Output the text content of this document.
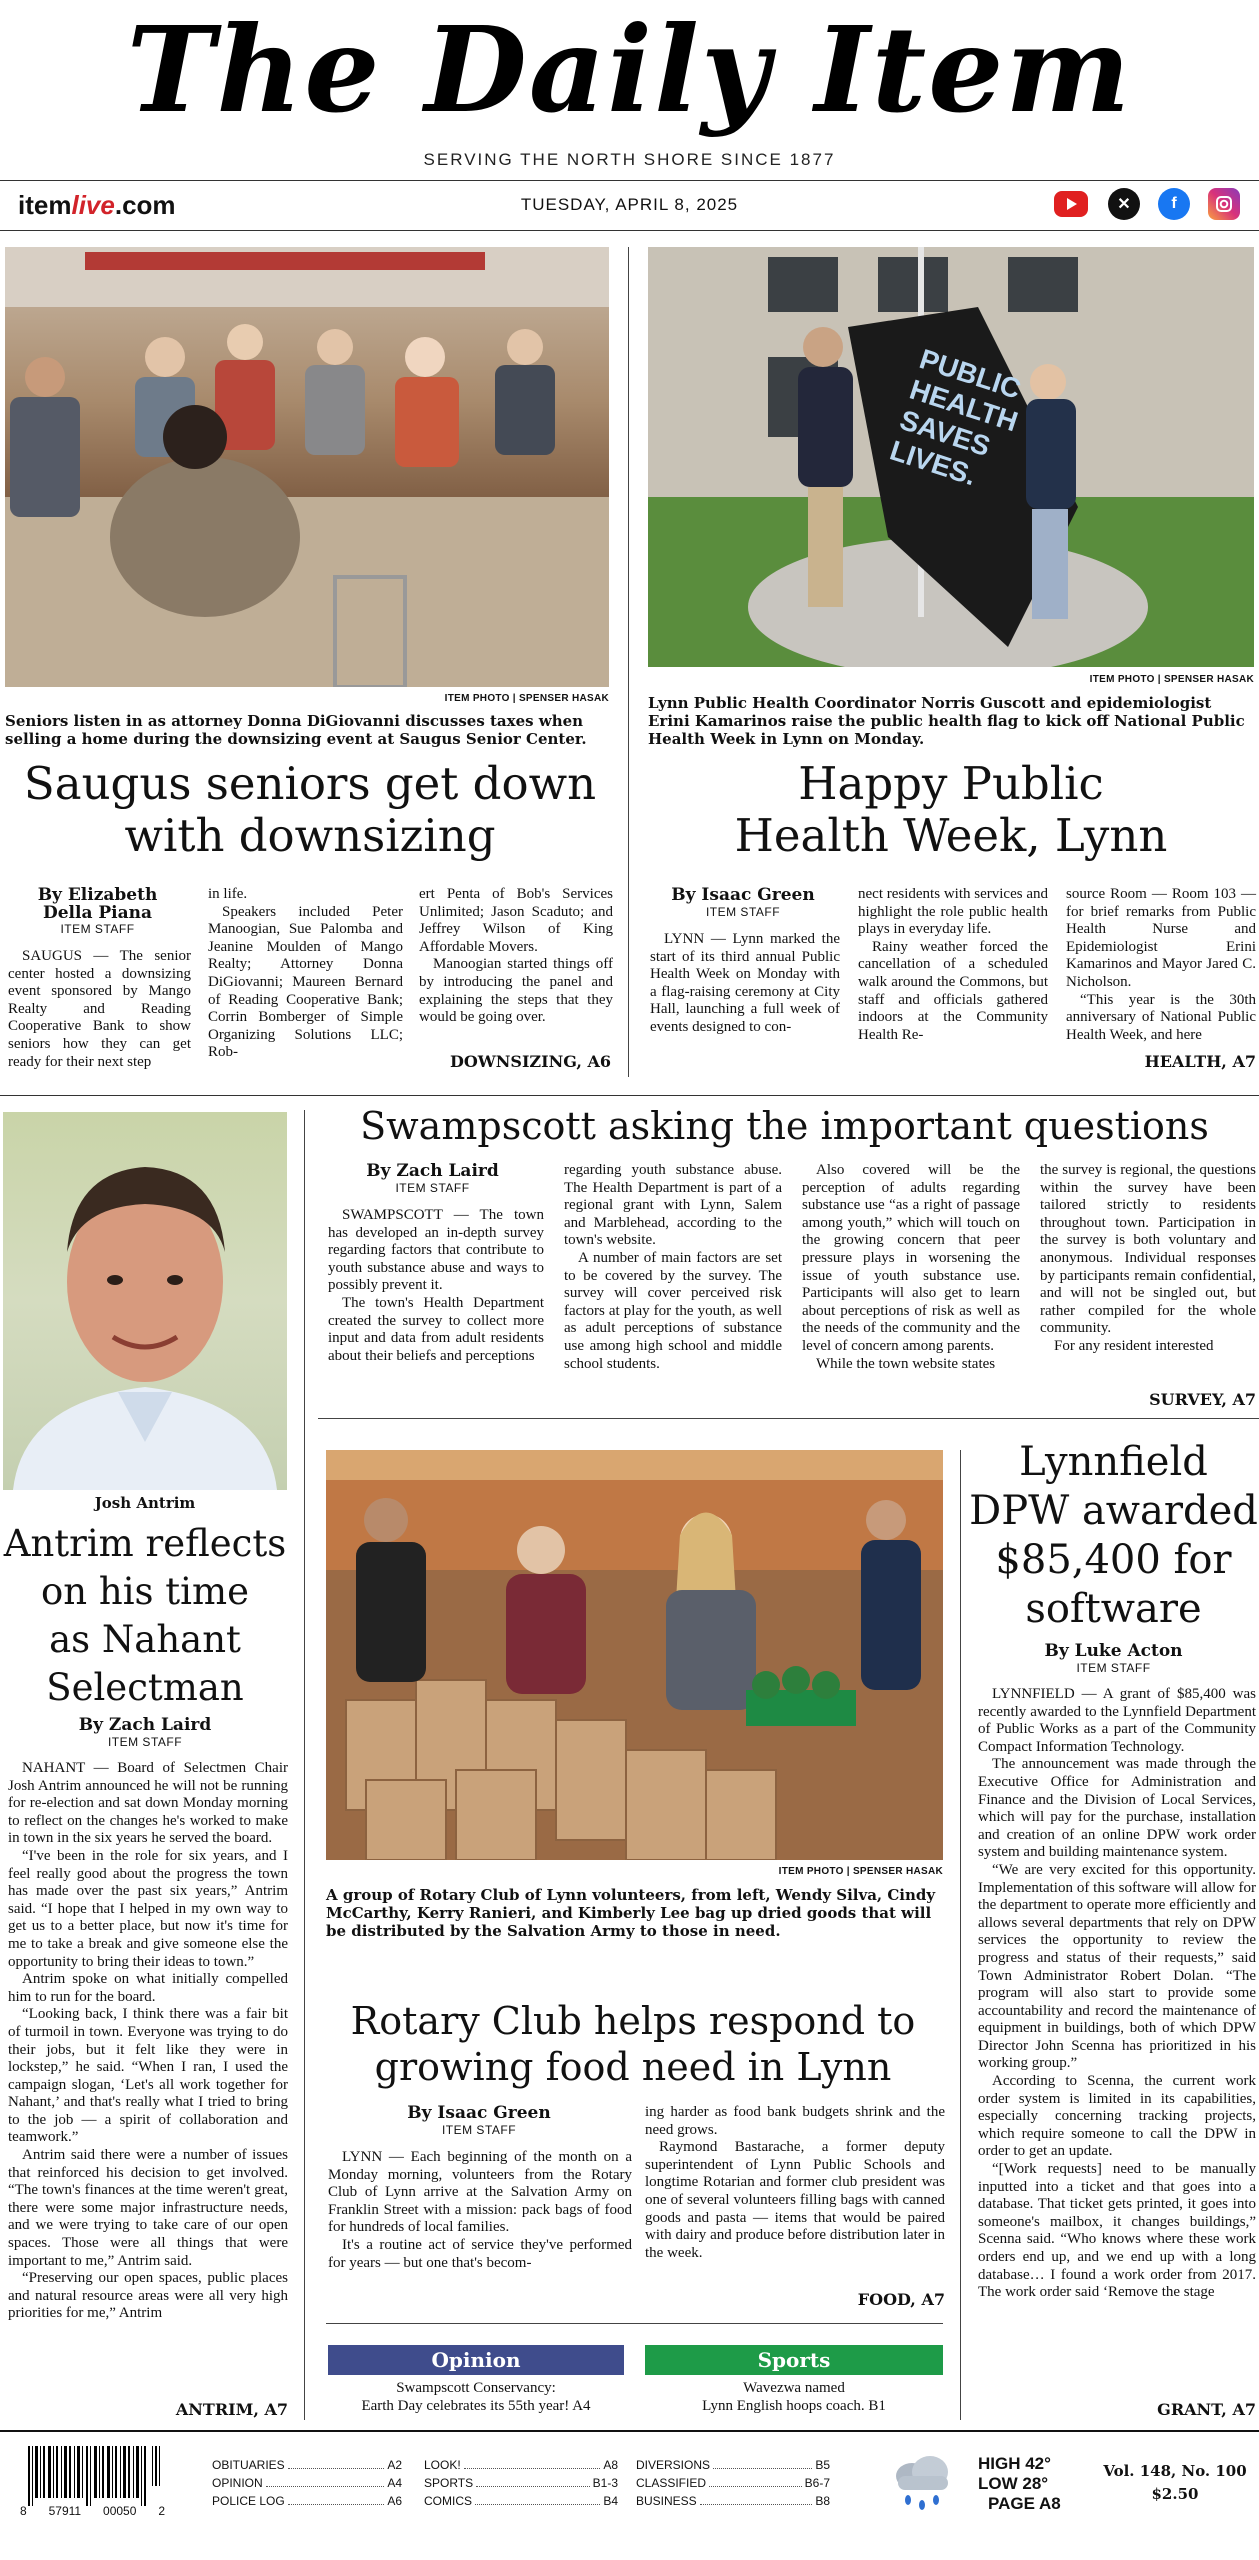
The Daily Item
SERVING THE NORTH SHORE SINCE 1877
itemlive.com	TUESDAY, APRIL 8, 2025	✕	f
ITEM PHOTO | SPENSER HASAK
Seniors listen in as attorney Donna DiGiovanni discusses taxes when selling a home during the downsizing event at Saugus Senior Center.
Saugus seniors get down
with downsizing
By Elizabeth
Della Piana
ITEM STAFF

SAUGUS — The senior center hosted a downsizing event sponsored by Mango Realty and Reading Cooperative Bank to show seniors how they can get ready for their next step

in life.

Speakers included Peter Manoogian, Sue Palomba and Jeanine Moulden of Mango Realty; Attorney Donna DiGiovanni; Maureen Bernard of Reading Cooperative Bank; Corrin Bomberger of Simple Organizing Solutions LLC; Rob-

ert Penta of Bob's Services Unlimited; Jason Scaduto; and Jeffrey Wilson of King Affordable Movers.

Manoogian started things off by introducing the panel and explaining the steps that they would be going over.

DOWNSIZING, A6
PUBLIC HEALTH SAVES LIVES.
ITEM PHOTO | SPENSER HASAK
Lynn Public Health Coordinator Norris Guscott and epidemiologist Erini Kamarinos raise the public health flag to kick off National Public Health Week in Lynn on Monday.
Happy Public
Health Week, Lynn
By Isaac Green
ITEM STAFF

LYNN — Lynn marked the start of its third annual Public Health Week on Monday with a flag-raising ceremony at City Hall, launching a full week of events designed to con-

nect residents with services and highlight the role public health plays in everyday life.

Rainy weather forced the cancellation of a scheduled walk around the Commons, but staff and officials gathered indoors at the Community Health Re-

source Room — Room 103 — for brief remarks from Public Health Nurse and Epidemiologist Erini Kamarinos and Mayor Jared C. Nicholson.

“This year is the 30th anniversary of National Public Health Week, and here

HEALTH, A7
Josh Antrim
Antrim reflects
on his time
as Nahant
Selectman
By Zach Laird
ITEM STAFF

NAHANT — Board of Selectmen Chair Josh Antrim announced he will not be running for re-election and sat down Monday morning to reflect on the changes he's worked to make in town in the six years he served the board.

“I've been in the role for six years, and I feel really good about the progress the town has made over the past six years,” Antrim said. “I hope that I helped in my own way to get us to a better place, but now it's time for me to take a break and give someone else the opportunity to bring their ideas to town.”

Antrim spoke on what initially compelled him to run for the board.

“Looking back, I think there was a fair bit of turmoil in town. Everyone was trying to do their jobs, but it felt like they were in lockstep,” he said. “When I ran, I used the campaign slogan, ‘Let's all work together for Nahant,’ and that's really what I tried to bring to the job — a spirit of collaboration and teamwork.”

Antrim said there were a number of issues that reinforced his decision to get involved. “The town's finances at the time weren't great, there were some major infrastructure needs, and we were trying to take care of our open spaces. Those were all things that were important to me,” Antrim said.

“Preserving our open spaces, public places and natural resource areas were all very high priorities for me,” Antrim

ANTRIM, A7
Swampscott asking the important questions
By Zach Laird
ITEM STAFF

SWAMPSCOTT — The town has developed an in-depth survey regarding factors that contribute to youth substance abuse and ways to possibly prevent it.

The town's Health Department created the survey to collect more input and data from adult residents about their beliefs and perceptions

regarding youth substance abuse. The Health Department is part of a regional grant with Lynn, Salem and Marblehead, according to the town's website.

A number of main factors are set to be covered by the survey. The survey will cover perceived risk factors at play for the youth, as well as adult perceptions of substance use among high school and middle school students.

Also covered will be the perception of adults regarding substance use “as a right of passage among youth,” which will touch on the growing concern that peer pressure plays in worsening the issue of youth substance use. Participants will also get to learn about perceptions of risk as well as the needs of the community and the level of concern among parents.

While the town website states

the survey is regional, the questions within the survey have been tailored strictly to residents throughout town. Participation in the survey is both voluntary and anonymous. Individual responses by participants remain confidential, and will not be singled out, but rather compiled for the whole community.

For any resident interested

SURVEY, A7
ITEM PHOTO | SPENSER HASAK
A group of Rotary Club of Lynn volunteers, from left, Wendy Silva, Cindy McCarthy, Kerry Ranieri, and Kimberly Lee bag up dried goods that will be distributed by the Salvation Army to those in need.
Rotary Club helps respond to
growing food need in Lynn
By Isaac Green
ITEM STAFF

LYNN — Each beginning of the month on a Monday morning, volunteers from the Rotary Club of Lynn arrive at the Salvation Army on Franklin Street with a mission: pack bags of food for hundreds of local families.

It's a routine act of service they've performed for years — but one that's becom-

ing harder as food bank budgets shrink and the need grows.

Raymond Bastarache, a former deputy superintendent of Lynn Public Schools and longtime Rotarian and former club president was one of several volunteers filling bags with canned goods and pasta — items that would be paired with dairy and produce before distribution later in the week.

FOOD, A7
Opinion
Swampscott Conservancy:
Earth Day celebrates its 55th year! A4
Sports
Wavezwa named
Lynn English hoops coach. B1
Lynnfield
DPW awarded
$85,400 for
software
By Luke Acton
ITEM STAFF

LYNNFIELD — A grant of $85,400 was recently awarded to the Lynnfield Department of Public Works as a part of the Community Compact Information Technology.

The announcement was made through the Executive Office for Administration and Finance and the Division of Local Services, which will pay for the purchase, installation and creation of an online DPW work order system and building maintenance system.

“We are very excited for this opportunity. Implementation of this software will allow for the department to operate more efficiently and allows several departments that rely on DPW services the opportunity to review the progress and status of their requests,” said Town Administrator Robert Dolan. “The program will also start to provide some accountability and record the maintenance of equipment in buildings, both of which DPW Director John Scenna has prioritized in his working group.”

According to Scenna, the current work order system is limited in its capabilities, especially concerning tracking projects, which require someone to call the DPW in order to get an update.

“[Work requests] need to be manually inputted into a ticket and that goes into a database. That ticket gets printed, it goes into someone's mailbox, it changes buildings,” Scenna said. “Who knows where these work orders end up, and we end up with a long database… I found a work order from 2017. The work order said ‘Remove the stage

GRANT, A7
8 57911 00050 2
OBITUARIES	A2
OPINION	A4
POLICE LOG	A6
LOOK!	A8
SPORTS	B1-3
COMICS	B4
DIVERSIONS	B5
CLASSIFIED	B6-7
BUSINESS	B8
HIGH 42°
LOW 28°
PAGE A8
Vol. 148, No. 100
$2.50
